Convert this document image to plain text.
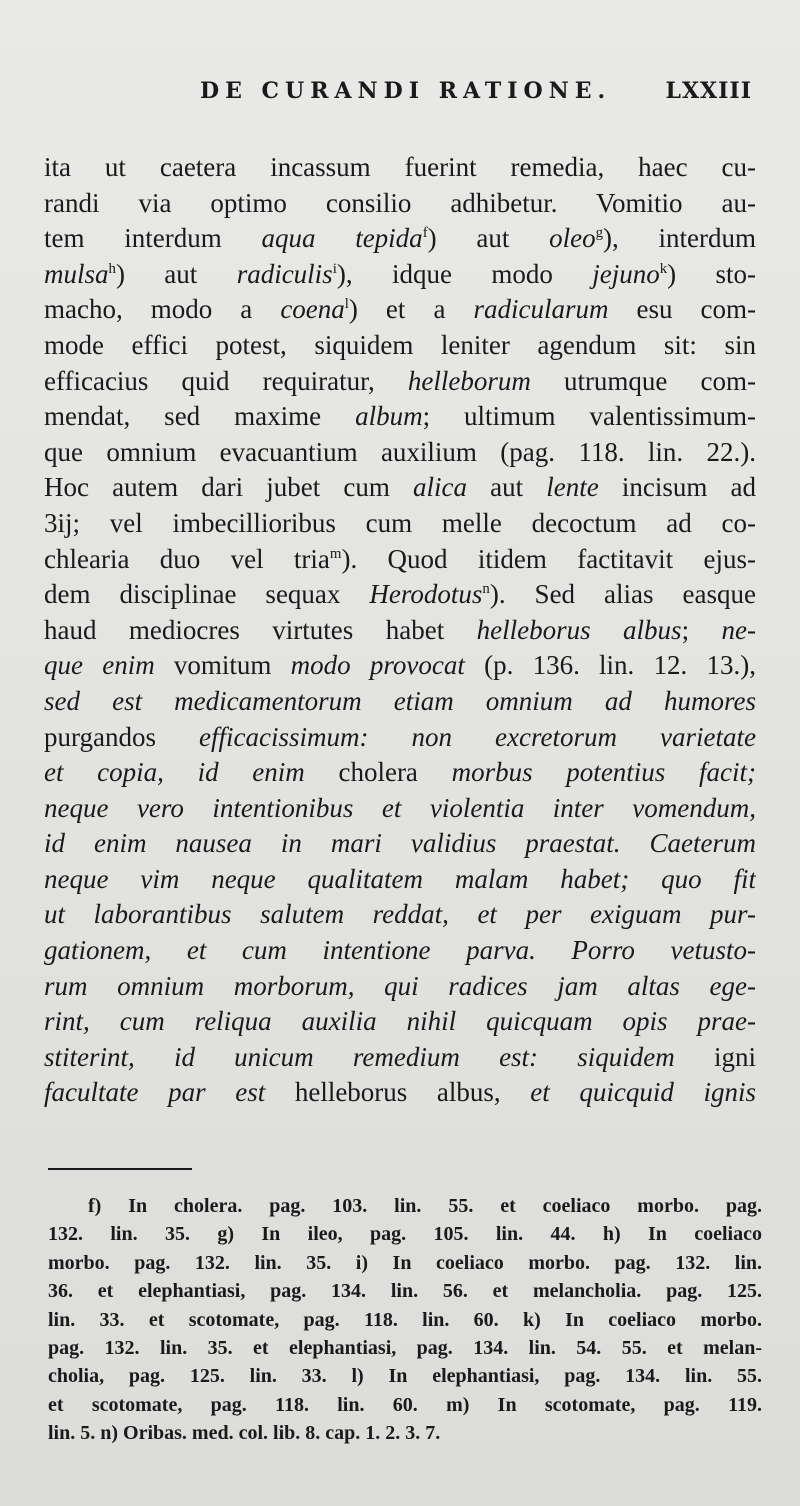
DE CURANDI RATIONE. LXXIII
ita ut caetera incassum fuerint remedia, haec cu-
randi via optimo consilio adhibetur. Vomitio au-
tem interdum aqua tepida$^f$) aut oleo$^g$), interdum
mulsa$^h$) aut radiculis$^i$), idque modo jejuno$^k$) sto-
macho, modo a coena$^l$) et a radicularum esu com-
mode effici potest, siquidem leniter agendum sit: sin
efficacius quid requiratur, helleborum utrumque com-
mendat, sed maxime album; ultimum valentissimum-
que omnium evacuantium auxilium (pag. 118. lin. 22.).
Hoc autem dari jubet cum alica aut lente incisum ad
3ij; vel imbecillioribus cum melle decoctum ad co-
chlearia duo vel tria$^m$). Quod itidem factitavit ejus-
dem disciplinae sequax Herodotus$^n$). Sed alias easque
haud mediocres virtutes habet helleborus albus; ne-
que enim vomitum modo provocat (p. 136. lin. 12. 13.),
sed est medicamentorum etiam omnium ad humores
purgandos efficacissimum: non excretorum varietate
et copia, id enim cholera morbus potentius facit;
neque vero intentionibus et violentia inter vomendum,
id enim nausea in mari validius praestat. Caeterum
neque vim neque qualitatem malam habet; quo fit
ut laborantibus salutem reddat, et per exiguam pur-
gationem, et cum intentione parva. Porro vetusto-
rum omnium morborum, qui radices jam altas ege-
rint, cum reliqua auxilia nihil quicquam opis prae-
stiterint, id unicum remedium est: siquidem igni
facultate par est helleborus albus, et quicquid ignis
f) In cholera. pag. 103. lin. 55. et coeliaco morbo. pag.
132. lin. 35. g) In ileo, pag. 105. lin. 44. h) In coeliaco
morbo. pag. 132. lin. 35. i) In coeliaco morbo. pag. 132. lin.
36. et elephantiasi, pag. 134. lin. 56. et melancholia. pag. 125.
lin. 33. et scotomate, pag. 118. lin. 60. k) In coeliaco morbo.
pag. 132. lin. 35. et elephantiasi, pag. 134. lin. 54. 55. et melan-
cholia, pag. 125. lin. 33. l) In elephantiasi, pag. 134. lin. 55.
et scotomate, pag. 118. lin. 60. m) In scotomate, pag. 119.
lin. 5. n) Oribas. med. col. lib. 8. cap. 1. 2. 3. 7.
